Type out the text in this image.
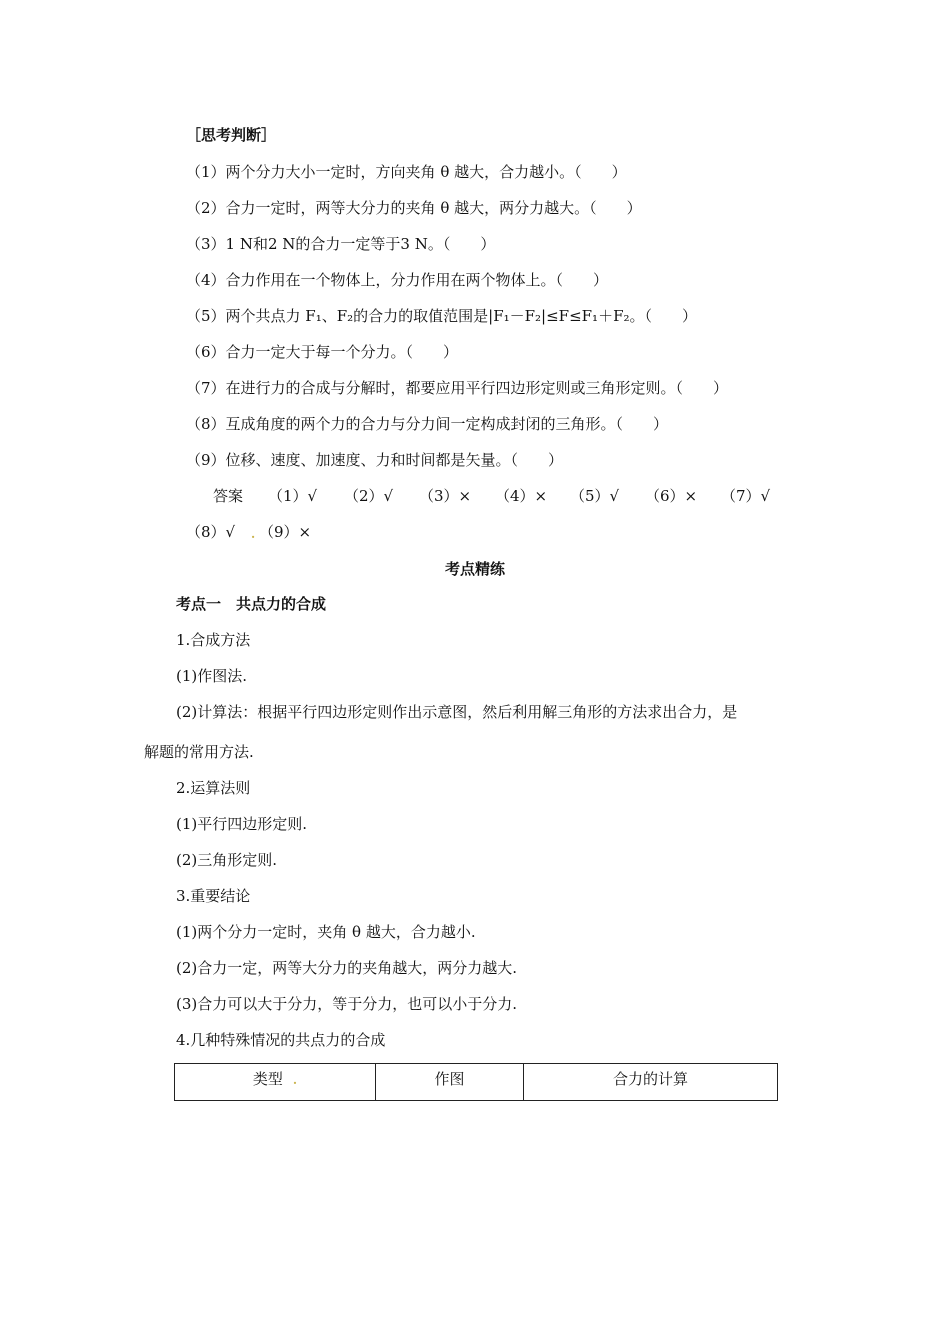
［思考判断］
（1）两个分力大小一定时，方向夹角 θ 越大，合力越小。（　　）
（2）合力一定时，两等大分力的夹角 θ 越大，两分力越大。（　　）
（3）1 N和2 N的合力一定等于3 N。（　　）
（4）合力作用在一个物体上，分力作用在两个物体上。（　　）
（5）两个共点力 F₁、F₂的合力的取值范围是|F₁－F₂|≤F≤F₁＋F₂。（　　）
（6）合力一定大于每一个分力。（　　）
（7）在进行力的合成与分解时，都要应用平行四边形定则或三角形定则。（　　）
（8）互成角度的两个力的合力与分力间一定构成封闭的三角形。（　　）
（9）位移、速度、加速度、力和时间都是矢量。（　　）
答案 （1）√ （2）√ （3）× （4）× （5）√ （6）× （7）√
（8）√ . （9）×
考点精练
考点一　共点力的合成
1.合成方法
(1)作图法.
(2)计算法：根据平行四边形定则作出示意图，然后利用解三角形的方法求出合力，是
解题的常用方法.
2.运算法则
(1)平行四边形定则.
(2)三角形定则.
3.重要结论
(1)两个分力一定时，夹角 θ 越大，合力越小.
(2)合力一定，两等大分力的夹角越大，两分力越大.
(3)合力可以大于分力，等于分力，也可以小于分力.
4.几种特殊情况的共点力的合成
类型 .	作图	合力的计算
